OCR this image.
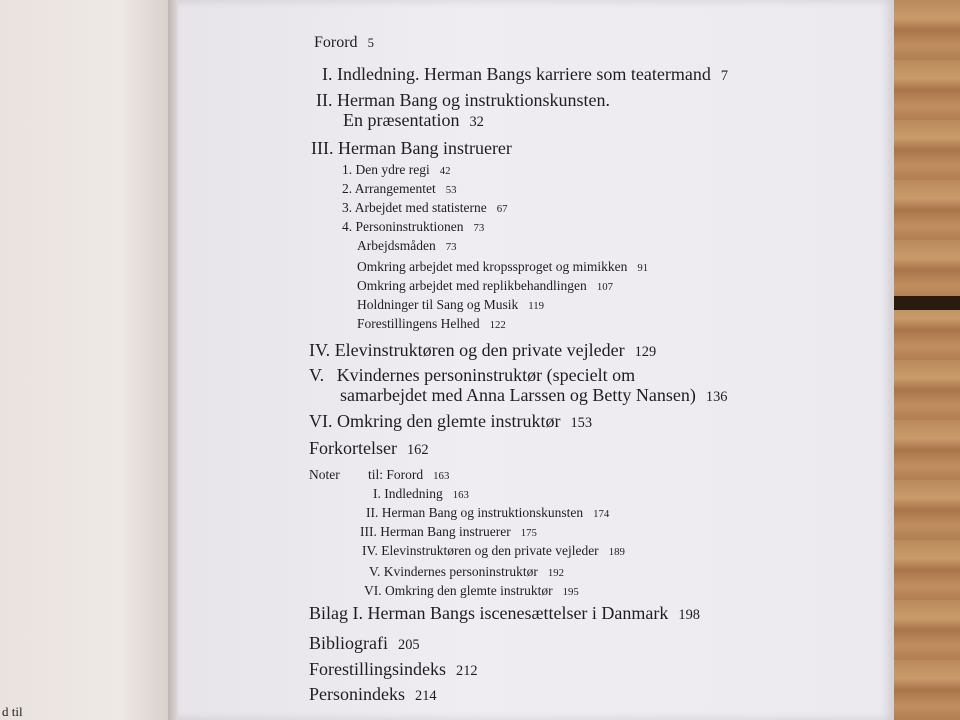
d til
Forord 5
I. Indledning. Herman Bangs karriere som teatermand 7
II. Herman Bang og instruktionskunsten.
En præsentation 32
III. Herman Bang instruerer
1. Den ydre regi 42
2. Arrangementet 53
3. Arbejdet med statisterne 67
4. Personinstruktionen 73
Arbejdsmåden 73
Omkring arbejdet med kropssproget og mimikken 91
Omkring arbejdet med replikbehandlingen 107
Holdninger til Sang og Musik 119
Forestillingens Helhed 122
IV. Elevinstruktøren og den private vejleder 129
V. Kvindernes personinstruktør (specielt om
samarbejdet med Anna Larssen og Betty Nansen) 136
VI. Omkring den glemte instruktør 153
Forkortelser 162
Noter til: Forord 163
I. Indledning 163
II. Herman Bang og instruktionskunsten 174
III. Herman Bang instruerer 175
IV. Elevinstruktøren og den private vejleder 189
V. Kvindernes personinstruktør 192
VI. Omkring den glemte instruktør 195
Bilag I. Herman Bangs iscenesættelser i Danmark 198
Bibliografi 205
Forestillingsindeks 212
Personindeks 214
